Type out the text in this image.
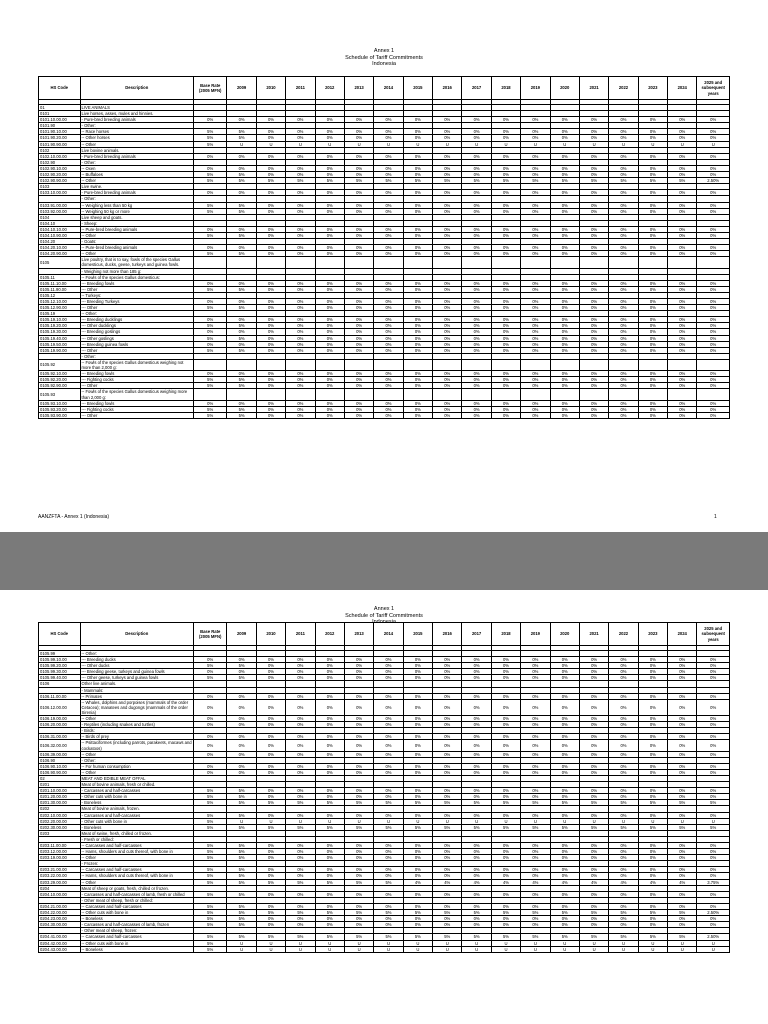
Annex 1
Schedule of Tariff Commitments
Indonesia
HS Code	Description	Base Rate (2005 MFN)	2009	2010	2011	2012	2013	2014	2015	2016	2017	2018	2019	2020	2021	2022	2023	2024	2025 and subsequent years

01	LIVE ANIMALS																		
0101	Live horses, asses, mules and hinnies.																		
0101.10.00.00	- Pure-bred breeding animals	0%	0%	0%	0%	0%	0%	0%	0%	0%	0%	0%	0%	0%	0%	0%	0%	0%	0%
0101.90	- Other:																		
0101.90.10.00	-- Race horses	5%	5%	0%	0%	0%	0%	0%	0%	0%	0%	0%	0%	0%	0%	0%	0%	0%	0%
0101.90.20.00	-- Other horses	5%	5%	0%	0%	0%	0%	0%	0%	0%	0%	0%	0%	0%	0%	0%	0%	0%	0%
0101.90.90.00	-- Other	5%	U	U	U	U	U	U	U	U	U	U	U	U	U	U	U	U	U
0102	Live bovine animals.																		
0102.10.00.00	- Pure-bred breeding animals	0%	0%	0%	0%	0%	0%	0%	0%	0%	0%	0%	0%	0%	0%	0%	0%	0%	0%
0102.90	- Other:																		
0102.90.10.00	-- Oxen	0%	0%	0%	0%	0%	0%	0%	0%	0%	0%	0%	0%	0%	0%	0%	0%	0%	0%
0102.90.20.00	-- Buffaloes	5%	5%	0%	0%	0%	0%	0%	0%	0%	0%	0%	0%	0%	0%	0%	0%	0%	0%
0102.90.90.00	-- Other	5%	5%	5%	5%	5%	5%	5%	5%	5%	5%	5%	5%	5%	5%	5%	5%	5%	2.50%
0103	Live swine.																		
0103.10.00.00	- Pure-bred breeding animals	0%	0%	0%	0%	0%	0%	0%	0%	0%	0%	0%	0%	0%	0%	0%	0%	0%	0%
	- Other:																		
0103.91.00.00	-- Weighing less than 50 kg	5%	5%	0%	0%	0%	0%	0%	0%	0%	0%	0%	0%	0%	0%	0%	0%	0%	0%
0103.92.00.00	-- Weighing 50 kg or more	5%	5%	0%	0%	0%	0%	0%	0%	0%	0%	0%	0%	0%	0%	0%	0%	0%	0%
0104	Live sheep and goats.																		
0104.10	- Sheep:																		
0104.10.10.00	-- Pure-bred breeding animals	0%	0%	0%	0%	0%	0%	0%	0%	0%	0%	0%	0%	0%	0%	0%	0%	0%	0%
0104.10.90.00	-- Other	5%	5%	0%	0%	0%	0%	0%	0%	0%	0%	0%	0%	0%	0%	0%	0%	0%	0%
0104.20	- Goats:																		
0104.20.10.00	-- Pure-bred breeding animals	0%	0%	0%	0%	0%	0%	0%	0%	0%	0%	0%	0%	0%	0%	0%	0%	0%	0%
0104.20.90.00	-- Other	5%	5%	0%	0%	0%	0%	0%	0%	0%	0%	0%	0%	0%	0%	0%	0%	0%	0%
0105	Live poultry, that is to say, fowls of the species Gallus domesticus, ducks, geese, turkeys and guinea fowls.																		
	- Weighing not more than 185 g:																		
0105.11	-- Fowls of the species Gallus domesticus:																		
0105.11.10.00	--- Breeding fowls	0%	0%	0%	0%	0%	0%	0%	0%	0%	0%	0%	0%	0%	0%	0%	0%	0%	0%
0105.11.90.00	--- Other	5%	5%	0%	0%	0%	0%	0%	0%	0%	0%	0%	0%	0%	0%	0%	0%	0%	0%
0105.12	-- Turkeys:																		
0105.12.10.00	--- Breeding Turkeys	0%	0%	0%	0%	0%	0%	0%	0%	0%	0%	0%	0%	0%	0%	0%	0%	0%	0%
0105.12.90.00	--- Other	5%	5%	0%	0%	0%	0%	0%	0%	0%	0%	0%	0%	0%	0%	0%	0%	0%	0%
0105.19	-- Other:																		
0105.19.10.00	--- Breeding ducklings	0%	0%	0%	0%	0%	0%	0%	0%	0%	0%	0%	0%	0%	0%	0%	0%	0%	0%
0105.19.20.00	--- Other ducklings	5%	5%	0%	0%	0%	0%	0%	0%	0%	0%	0%	0%	0%	0%	0%	0%	0%	0%
0105.19.30.00	--- Breeding goslings	0%	0%	0%	0%	0%	0%	0%	0%	0%	0%	0%	0%	0%	0%	0%	0%	0%	0%
0105.19.40.00	--- Other goslings	5%	5%	0%	0%	0%	0%	0%	0%	0%	0%	0%	0%	0%	0%	0%	0%	0%	0%
0105.19.50.00	--- Breeding guinea fowls	0%	0%	0%	0%	0%	0%	0%	0%	0%	0%	0%	0%	0%	0%	0%	0%	0%	0%
0105.19.90.00	--- Other	5%	5%	0%	0%	0%	0%	0%	0%	0%	0%	0%	0%	0%	0%	0%	0%	0%	0%
	- Other:																		
0105.92	-- Fowls of the species Gallus domesticus weighing not more than 2,000 g:																		
0105.92.10.00	--- Breeding fowls	0%	0%	0%	0%	0%	0%	0%	0%	0%	0%	0%	0%	0%	0%	0%	0%	0%	0%
0105.92.20.00	--- Fighting cocks	5%	5%	0%	0%	0%	0%	0%	0%	0%	0%	0%	0%	0%	0%	0%	0%	0%	0%
0105.92.90.00	--- Other	5%	5%	0%	0%	0%	0%	0%	0%	0%	0%	0%	0%	0%	0%	0%	0%	0%	0%
0105.93	-- Fowls of the species Gallus domesticus weighing more than 2,000 g:																		
0105.93.10.00	--- Breeding fowls	0%	0%	0%	0%	0%	0%	0%	0%	0%	0%	0%	0%	0%	0%	0%	0%	0%	0%
0105.93.20.00	--- Fighting cocks	5%	5%	0%	0%	0%	0%	0%	0%	0%	0%	0%	0%	0%	0%	0%	0%	0%	0%
0105.93.90.00	--- Other	5%	5%	0%	0%	0%	0%	0%	0%	0%	0%	0%	0%	0%	0%	0%	0%	0%	0%
AANZFTA - Annex 1 (Indonesia)	1
Annex 1
Schedule of Tariff Commitments
Indonesia
HS Code	Description	Base Rate (2005 MFN)	2009	2010	2011	2012	2013	2014	2015	2016	2017	2018	2019	2020	2021	2022	2023	2024	2025 and subsequent years

0105.99	-- Other:																		
0105.99.10.00	--- Breeding ducks	0%	0%	0%	0%	0%	0%	0%	0%	0%	0%	0%	0%	0%	0%	0%	0%	0%	0%
0105.99.20.00	--- Other ducks	5%	5%	0%	0%	0%	0%	0%	0%	0%	0%	0%	0%	0%	0%	0%	0%	0%	0%
0105.99.30.00	--- Breeding geese, turkeys and guinea fowls	0%	0%	0%	0%	0%	0%	0%	0%	0%	0%	0%	0%	0%	0%	0%	0%	0%	0%
0105.99.40.00	--- Other geese, turkeys and guinea fowls	5%	5%	0%	0%	0%	0%	0%	0%	0%	0%	0%	0%	0%	0%	0%	0%	0%	0%
0106	Other live animals.																		
	- Mammals:																		
0106.11.00.00	-- Primates	0%	0%	0%	0%	0%	0%	0%	0%	0%	0%	0%	0%	0%	0%	0%	0%	0%	0%
0106.12.00.00	-- Whales, dolphins and porpoises (mammals of the order Cetacea); manatees and dugongs (mammals of the order Sirenia)	0%	0%	0%	0%	0%	0%	0%	0%	0%	0%	0%	0%	0%	0%	0%	0%	0%	0%
0106.19.00.00	-- Other	0%	0%	0%	0%	0%	0%	0%	0%	0%	0%	0%	0%	0%	0%	0%	0%	0%	0%
0106.20.00.00	- Reptiles (including snakes and turtles)	0%	0%	0%	0%	0%	0%	0%	0%	0%	0%	0%	0%	0%	0%	0%	0%	0%	0%
	- Birds:																		
0106.31.00.00	-- Birds of prey	0%	0%	0%	0%	0%	0%	0%	0%	0%	0%	0%	0%	0%	0%	0%	0%	0%	0%
0106.32.00.00	-- Psittaciformes (including parrots, parakeets, macaws and cockatoos)	0%	0%	0%	0%	0%	0%	0%	0%	0%	0%	0%	0%	0%	0%	0%	0%	0%	0%
0106.39.00.00	-- Other	0%	0%	0%	0%	0%	0%	0%	0%	0%	0%	0%	0%	0%	0%	0%	0%	0%	0%
0106.90	- Other:																		
0106.90.10.00	-- For human consumption	0%	0%	0%	0%	0%	0%	0%	0%	0%	0%	0%	0%	0%	0%	0%	0%	0%	0%
0106.90.90.00	-- Other	0%	0%	0%	0%	0%	0%	0%	0%	0%	0%	0%	0%	0%	0%	0%	0%	0%	0%
02	MEAT AND EDIBLE MEAT OFFAL																		
0201	Meat of bovine animals, fresh or chilled.																		
0201.10.00.00	- Carcasses and half-carcasses	5%	5%	0%	0%	0%	0%	0%	0%	0%	0%	0%	0%	0%	0%	0%	0%	0%	0%
0201.20.00.00	- Other cuts with bone in	5%	5%	0%	0%	0%	0%	0%	0%	0%	0%	0%	0%	0%	0%	0%	0%	0%	0%
0201.30.00.00	- Boneless	5%	5%	5%	5%	5%	5%	5%	5%	5%	5%	5%	5%	5%	5%	5%	5%	5%	5%
0202	Meat of bovine animals, frozen.																		
0202.10.00.00	- Carcasses and half-carcasses	5%	5%	0%	0%	0%	0%	0%	0%	0%	0%	0%	0%	0%	0%	0%	0%	0%	0%
0202.20.00.00	- Other cuts with bone in	5%	U	U	U	U	U	U	U	U	U	U	U	U	U	U	U	U	U
0202.30.00.00	- Boneless	5%	5%	5%	5%	5%	5%	5%	5%	5%	5%	5%	5%	5%	5%	5%	5%	5%	5%
0203	Meat of swine, fresh, chilled or frozen.																		
	- Fresh or chilled:																		
0203.11.00.00	-- Carcasses and half-carcasses	5%	5%	0%	0%	0%	0%	0%	0%	0%	0%	0%	0%	0%	0%	0%	0%	0%	0%
0203.12.00.00	-- Hams, shoulders and cuts thereof, with bone in	5%	5%	0%	0%	0%	0%	0%	0%	0%	0%	0%	0%	0%	0%	0%	0%	0%	0%
0203.19.00.00	-- Other	5%	5%	0%	0%	0%	0%	0%	0%	0%	0%	0%	0%	0%	0%	0%	0%	0%	0%
	- Frozen:																		
0203.21.00.00	-- Carcasses and half-carcasses	5%	5%	0%	0%	0%	0%	0%	0%	0%	0%	0%	0%	0%	0%	0%	0%	0%	0%
0203.22.00.00	-- Hams, shoulders and cuts thereof, with bone in	5%	5%	0%	0%	0%	0%	0%	0%	0%	0%	0%	0%	0%	0%	0%	0%	0%	0%
0203.29.00.00	-- Other	5%	5%	5%	5%	5%	5%	5%	4%	4%	4%	4%	4%	4%	4%	4%	4%	4%	3.75%
0204	Meat of sheep or goats, fresh, chilled or frozen.																		
0204.10.00.00	- Carcasses and half-carcasses of lamb, fresh or chilled	5%	5%	0%	0%	0%	0%	0%	0%	0%	0%	0%	0%	0%	0%	0%	0%	0%	0%
	- Other meat of sheep, fresh or chilled:																		
0204.21.00.00	-- Carcasses and half-carcasses	5%	5%	0%	0%	0%	0%	0%	0%	0%	0%	0%	0%	0%	0%	0%	0%	0%	0%
0204.22.00.00	-- Other cuts with bone in	5%	5%	5%	5%	5%	5%	5%	5%	5%	5%	5%	5%	5%	5%	5%	5%	5%	2.50%
0204.23.00.00	-- Boneless	5%	5%	0%	0%	0%	0%	0%	0%	0%	0%	0%	0%	0%	0%	0%	0%	0%	0%
0204.30.00.00	- Carcasses and half-carcasses of lamb, frozen	5%	5%	0%	0%	0%	0%	0%	0%	0%	0%	0%	0%	0%	0%	0%	0%	0%	0%
	- Other meat of sheep, frozen:																		
0204.41.00.00	-- Carcasses and half-carcasses	5%	5%	5%	5%	5%	5%	5%	5%	5%	5%	5%	5%	5%	5%	5%	5%	5%	2.50%
0204.42.00.00	-- Other cuts with bone in	5%	U	U	U	U	U	U	U	U	U	U	U	U	U	U	U	U	U
0204.43.00.00	-- Boneless	5%	U	U	U	U	U	U	U	U	U	U	U	U	U	U	U	U	U
